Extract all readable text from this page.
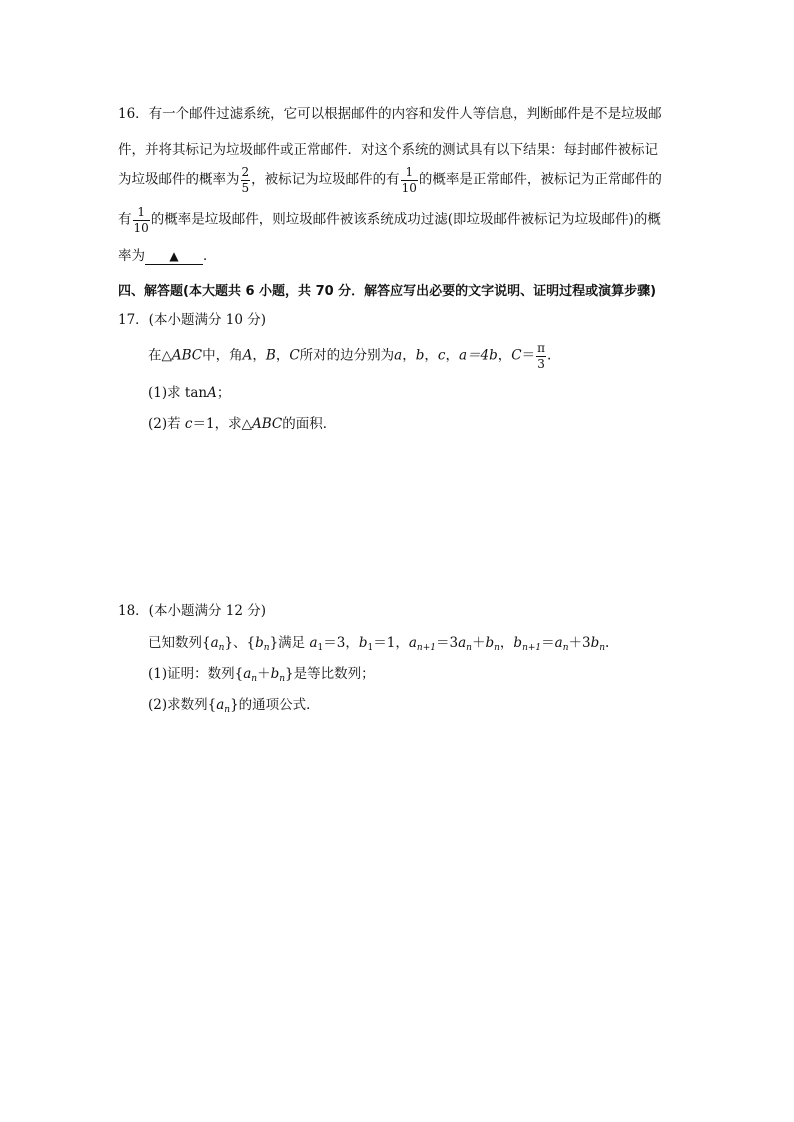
16．有一个邮件过滤系统，它可以根据邮件的内容和发件人等信息，判断邮件是不是垃圾邮
件，并将其标记为垃圾邮件或正常邮件．对这个系统的测试具有以下结果：每封邮件被标记
为垃圾邮件的概率为 $\frac{2}{5}$ ，被标记为垃圾邮件的有 $\frac{1}{10}$ 的概率是正常邮件，被标记为正常邮件的
有 $\frac{1}{10}$ 的概率是垃圾邮件，则垃圾邮件被该系统成功过滤(即垃圾邮件被标记为垃圾邮件)的概
率为 ▲ ．
四、解答题(本大题共 6 小题，共 70 分．解答应写出必要的文字说明、证明过程或演算步骤)
17．(本小题满分 10 分)
在△ABC中，角A，B，C所对的边分别为a，b，c，a＝4b，$C= \frac{\pi}{3}$ .
(1)求 tanA；
(2)若 c＝1，求△ABC的面积．
18．(本小题满分 12 分)
已知数列$\{a_n\}$、$\{b_n\}$满足 $a_1=3$，$b_1=1$，$a_{n+1}=3a_n+b_n$，$b_{n+1}=a_n+3b_n$.
(1)证明：数列$\{a_n+b_n\}$是等比数列；
(2)求数列$\{a_n\}$的通项公式．
